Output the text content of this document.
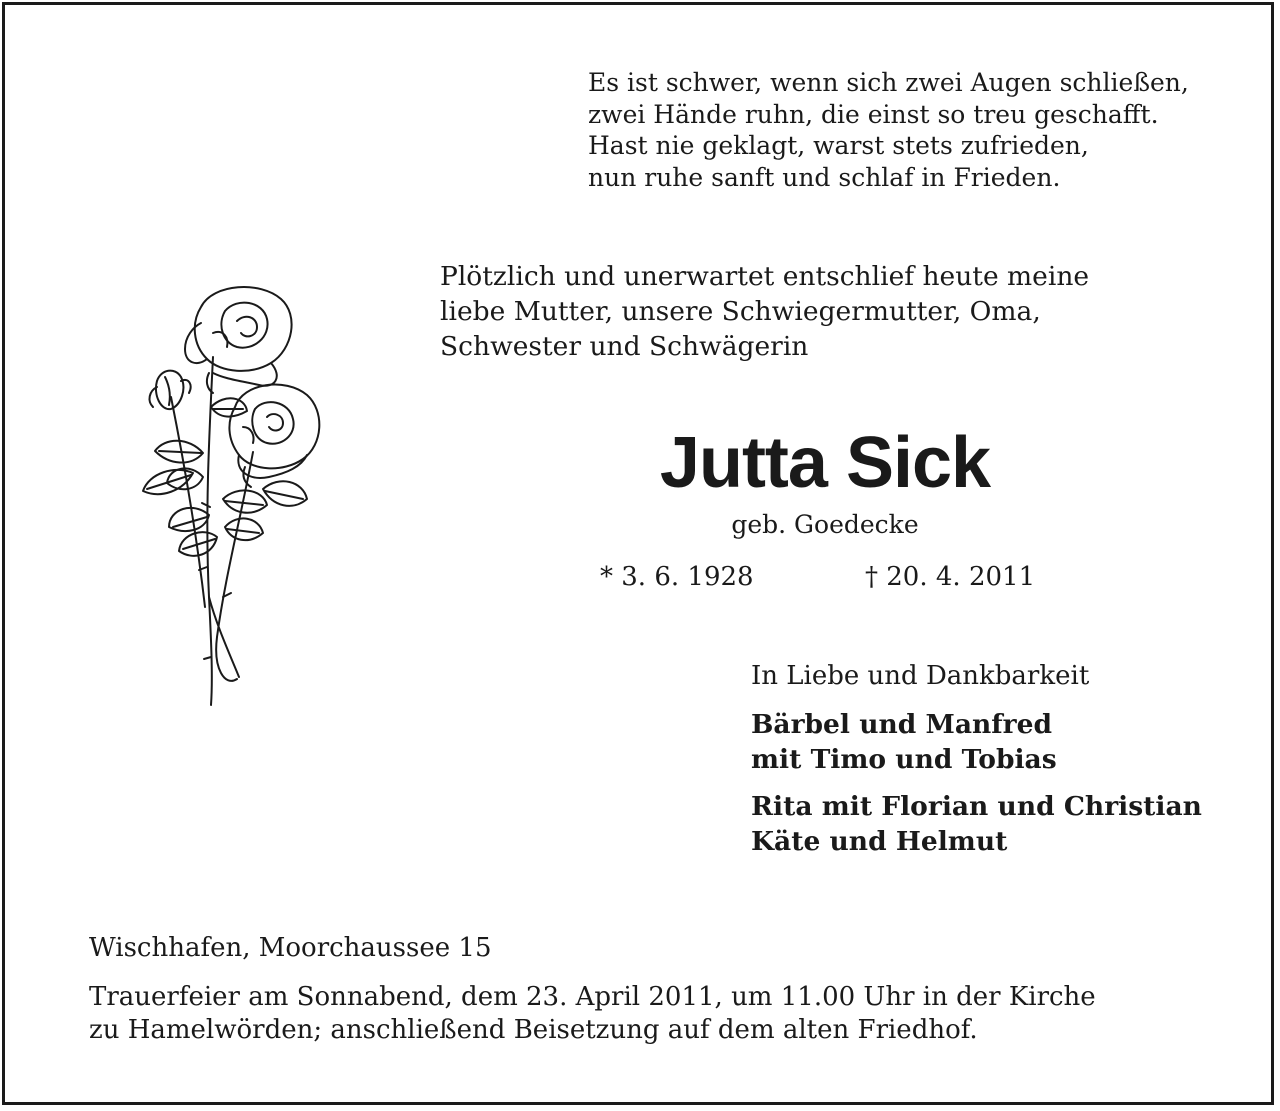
Es ist schwer, wenn sich zwei Augen schließen,
zwei Hände ruhn, die einst so treu geschafft.
Hast nie geklagt, warst stets zufrieden,
nun ruhe sanft und schlaf in Frieden.
Plötzlich und unerwartet entschlief heute meine
liebe Mutter, unsere Schwiegermutter, Oma,
Schwester und Schwägerin
Jutta Sick
geb. Goedecke
* 3. 6. 1928	† 20. 4. 2011
In Liebe und Dankbarkeit
Bärbel und Manfred
mit Timo und Tobias
Rita mit Florian und Christian
Käte und Helmut
Wischhafen, Moorchaussee 15
Trauerfeier am Sonnabend, dem 23. April 2011, um 11.00 Uhr in der Kirche
zu Hamelwörden; anschließend Beisetzung auf dem alten Friedhof.
